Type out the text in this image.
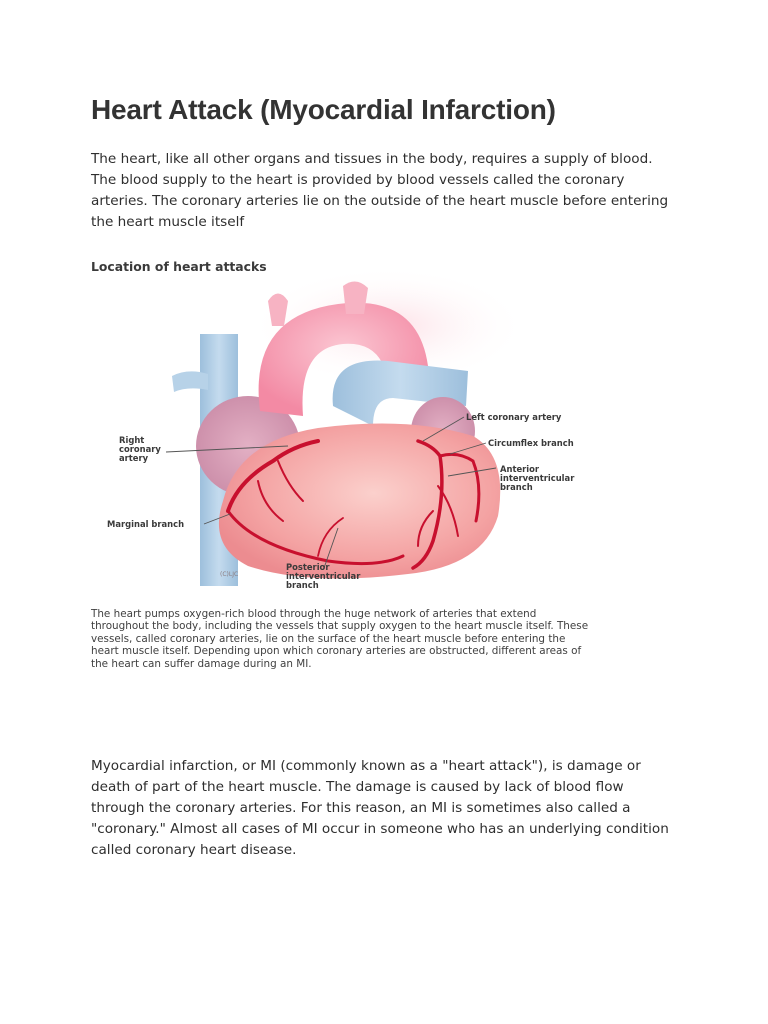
Heart Attack (Myocardial Infarction)

The heart, like all other organs and tissues in the body, requires a supply of blood. The blood supply to the heart is provided by blood vessels called the coronary arteries. The coronary arteries lie on the outside of the heart muscle before entering the heart muscle itself

Location of heart attacks
Right
coronary
artery
Marginal branch
Left coronary artery
Circumflex branch
Anterior
interventricular
branch
Posterior
interventricular
branch
(C)LJC

The heart pumps oxygen-rich blood through the huge network of arteries that extend throughout the body, including the vessels that supply oxygen to the heart muscle itself. These vessels, called coronary arteries, lie on the surface of the heart muscle before entering the heart muscle itself. Depending upon which coronary arteries are obstructed, different areas of the heart can suffer damage during an MI.

Myocardial infarction, or MI (commonly known as a "heart attack"), is damage or death of part of the heart muscle. The damage is caused by lack of blood flow through the coronary arteries. For this reason, an MI is sometimes also called a "coronary." Almost all cases of MI occur in someone who has an underlying condition called coronary heart disease.
